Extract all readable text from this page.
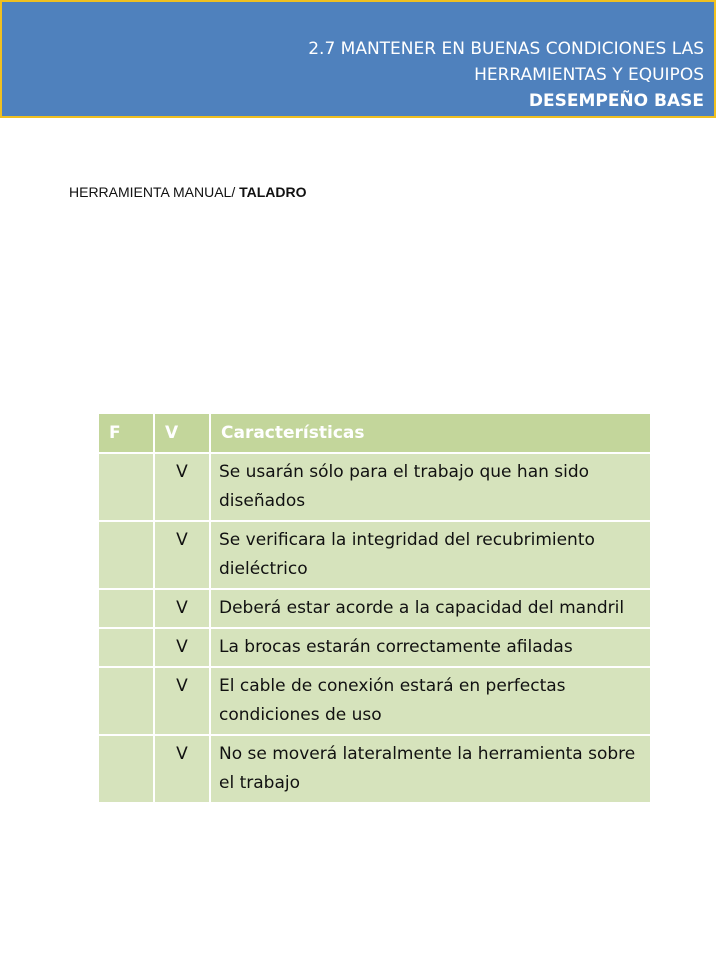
2.7 MANTENER EN BUENAS CONDICIONES LAS
HERRAMIENTAS Y EQUIPOS
DESEMPEÑO BASE
HERRAMIENTA MANUAL/ TALADRO
F	V	Características
	V	Se usarán sólo para el trabajo que han sido diseñados
	V	Se verificara la integridad del recubrimiento dieléctrico
	V	Deberá estar acorde a la capacidad del mandril
	V	La brocas estarán correctamente afiladas
	V	El cable de conexión estará en perfectas condiciones de uso
	V	No se moverá lateralmente la herramienta sobre el trabajo
